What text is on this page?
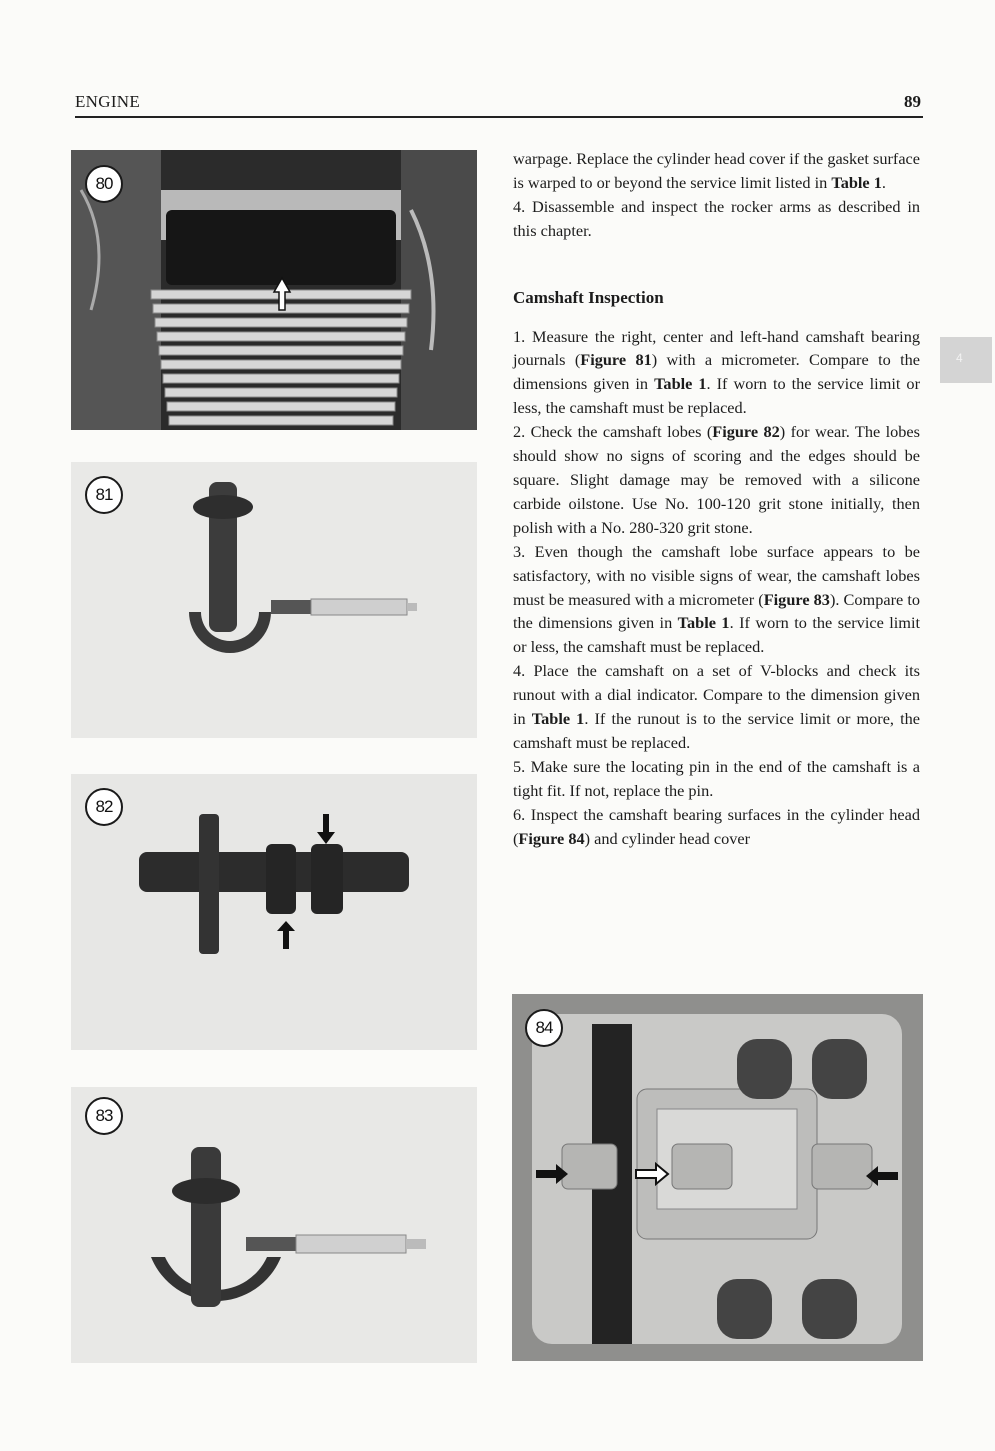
ENGINE	89
4
80
81
82
83
84

warpage. Replace the cylinder head cover if the gasket surface is warped to or beyond the service limit listed in Table 1.

4. Disassemble and inspect the rocker arms as described in this chapter.

Camshaft Inspection

1. Measure the right, center and left-hand camshaft bearing journals (Figure 81) with a micrometer. Compare to the dimensions given in Table 1. If worn to the service limit or less, the camshaft must be replaced.

2. Check the camshaft lobes (Figure 82) for wear. The lobes should show no signs of scoring and the edges should be square. Slight damage may be removed with a silicone carbide oilstone. Use No. 100-120 grit stone initially, then polish with a No. 280-320 grit stone.

3. Even though the camshaft lobe surface appears to be satisfactory, with no visible signs of wear, the camshaft lobes must be measured with a micrometer (Figure 83). Compare to the dimensions given in Table 1. If worn to the service limit or less, the camshaft must be replaced.

4. Place the camshaft on a set of V-blocks and check its runout with a dial indicator. Compare to the dimension given in Table 1. If the runout is to the service limit or more, the camshaft must be replaced.

5. Make sure the locating pin in the end of the camshaft is a tight fit. If not, replace the pin.

6. Inspect the camshaft bearing surfaces in the cylinder head (Figure 84) and cylinder head cover
